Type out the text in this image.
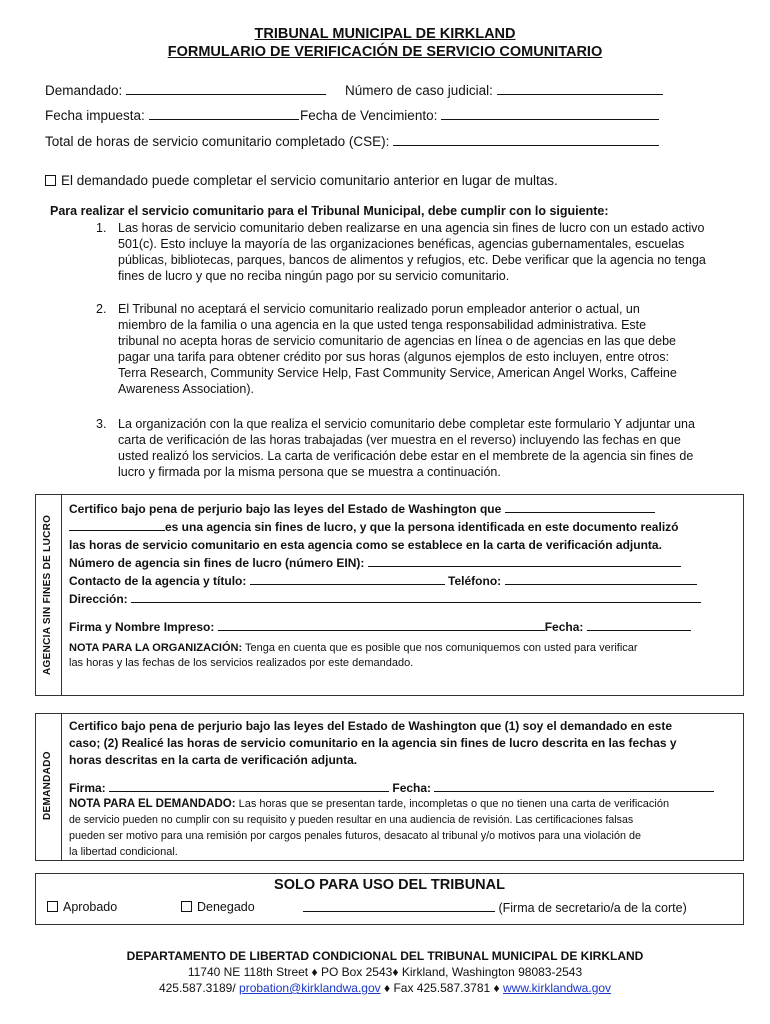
TRIBUNAL MUNICIPAL DE KIRKLAND
FORMULARIO DE VERIFICACIÓN DE SERVICIO COMUNITARIO
Demandado:	Número de caso judicial:
Fecha impuesta:	Fecha de Vencimiento:
Total de horas de servicio comunitario completado (CSE):
El demandado puede completar el servicio comunitario anterior en lugar de multas.
Para realizar el servicio comunitario para el Tribunal Municipal, debe cumplir con lo siguiente:
1. Las horas de servicio comunitario deben realizarse en una agencia sin fines de lucro con un estado activo
501(c). Esto incluye la mayoría de las organizaciones benéficas, agencias gubernamentales, escuelas
públicas, bibliotecas, parques, bancos de alimentos y refugios, etc. Debe verificar que la agencia no tenga
fines de lucro y que no reciba ningún pago por su servicio comunitario.
2. El Tribunal no aceptará el servicio comunitario realizado porun empleador anterior o actual, un
miembro de la familia o una agencia en la que usted tenga responsabilidad administrativa. Este
tribunal no acepta horas de servicio comunitario de agencias en línea o de agencias en las que debe
pagar una tarifa para obtener crédito por sus horas (algunos ejemplos de esto incluyen, entre otros:
Terra Research, Community Service Help, Fast Community Service, American Angel Works, Caffeine
Awareness Association).
3. La organización con la que realiza el servicio comunitario debe completar este formulario Y adjuntar una
carta de verificación de las horas trabajadas (ver muestra en el reverso) incluyendo las fechas en que
usted realizó los servicios. La carta de verificación debe estar en el membrete de la agencia sin fines de
lucro y firmada por la misma persona que se muestra a continuación.
AGENCIA SIN FINES DE LUCRO
Certifico bajo pena de perjurio bajo las leyes del Estado de Washington que
es una agencia sin fines de lucro, y que la persona identificada en este documento realizó
las horas de servicio comunitario en esta agencia como se establece en la carta de verificación adjunta.
Número de agencia sin fines de lucro (número EIN):
Contacto de la agencia y título:	Teléfono:
Dirección:
Firma y Nombre Impreso:	Fecha:
NOTA PARA LA ORGANIZACIÓN: Tenga en cuenta que es posible que nos comuniquemos con usted para verificar
las horas y las fechas de los servicios realizados por este demandado.
DEMANDADO
Certifico bajo pena de perjurio bajo las leyes del Estado de Washington que (1) soy el demandado en este
caso; (2) Realicé las horas de servicio comunitario en la agencia sin fines de lucro descrita en las fechas y
horas descritas en la carta de verificación adjunta.
Firma:	Fecha:
NOTA PARA EL DEMANDADO: Las horas que se presentan tarde, incompletas o que no tienen una carta de verificación
de servicio pueden no cumplir con su requisito y pueden resultar en una audiencia de revisión. Las certificaciones falsas
pueden ser motivo para una remisión por cargos penales futuros, desacato al tribunal y/o motivos para una violación de
la libertad condicional.
SOLO PARA USO DEL TRIBUNAL
Aprobado	Denegado	(Firma de secretario/a de la corte)
DEPARTAMENTO DE LIBERTAD CONDICIONAL DEL TRIBUNAL MUNICIPAL DE KIRKLAND
11740 NE 118th Street ♦ PO Box 2543♦ Kirkland, Washington 98083-2543
425.587.3189/ probation@kirklandwa.gov ♦ Fax 425.587.3781 ♦ www.kirklandwa.gov
